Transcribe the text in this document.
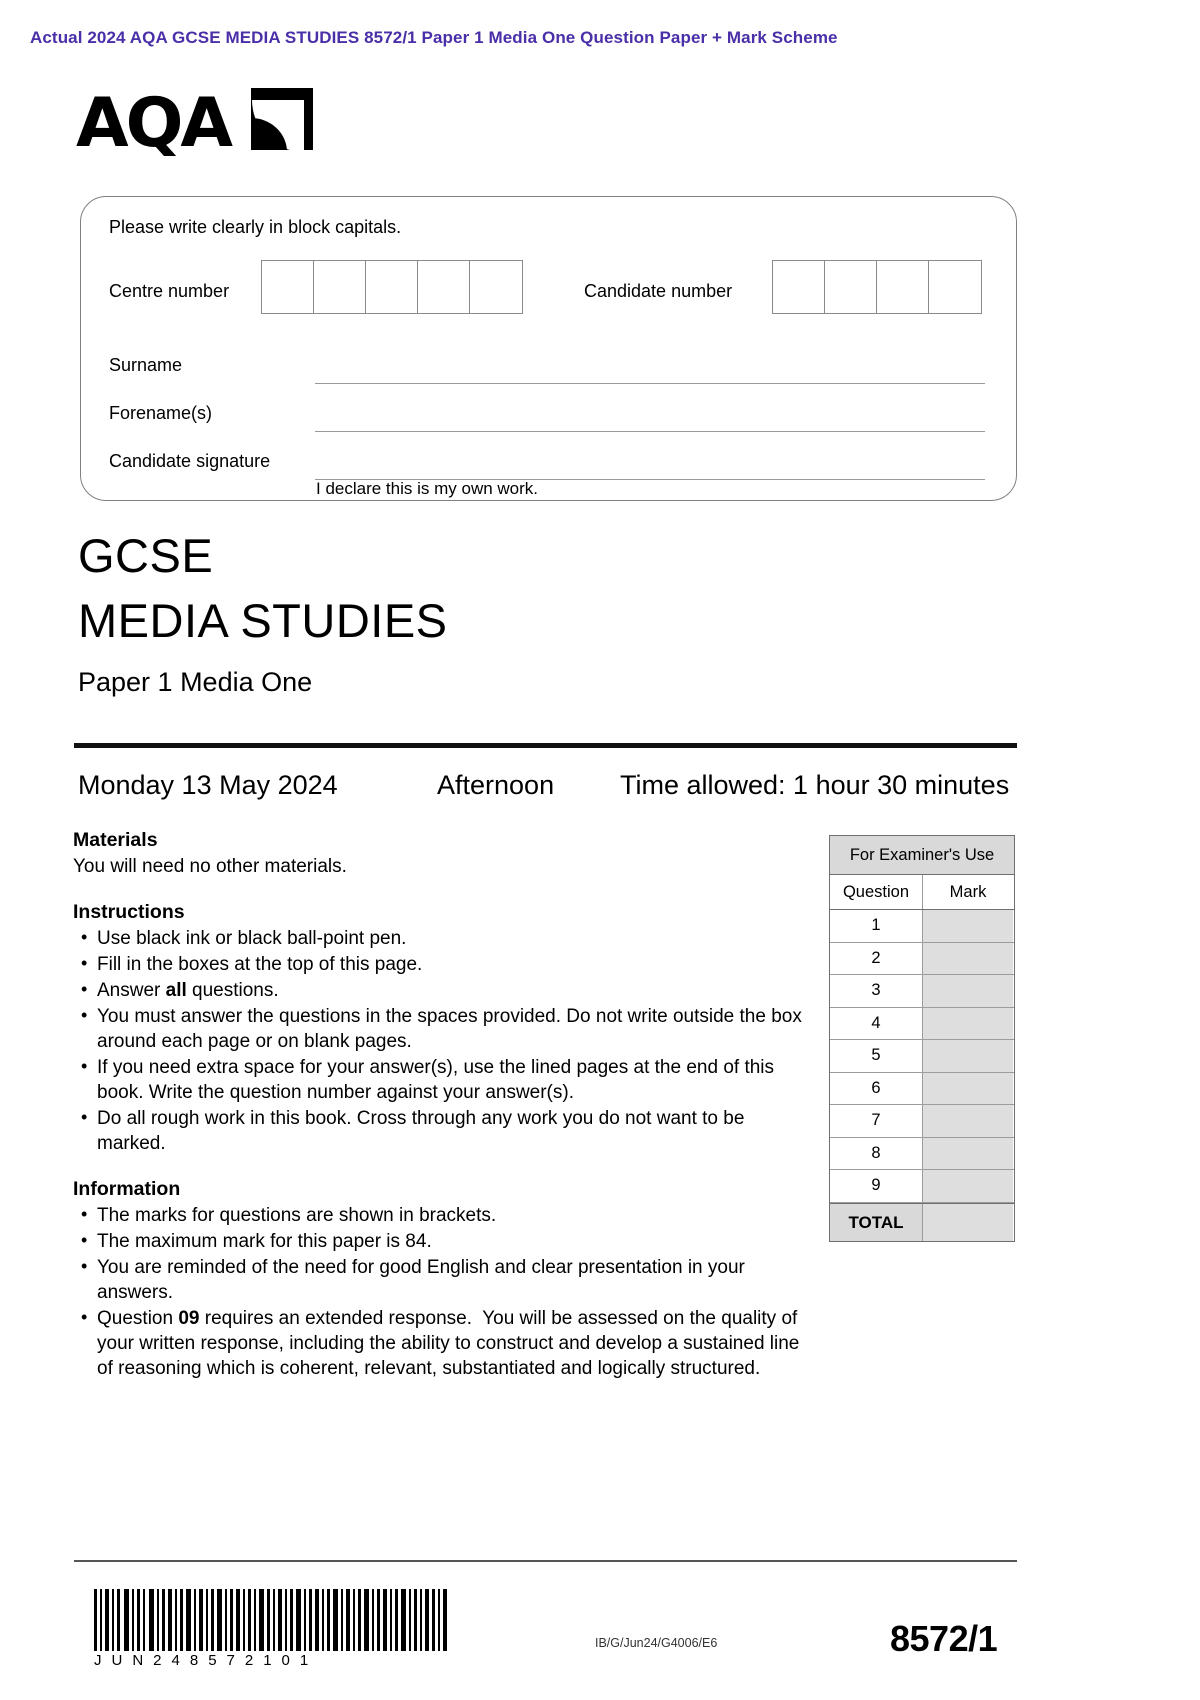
Actual 2024 AQA GCSE MEDIA STUDIES 8572/1 Paper 1 Media One Question Paper + Mark Scheme
AQA
Please write clearly in block capitals.
Centre number	Candidate number
Surname
Forename(s)
Candidate signature
I declare this is my own work.
GCSE
MEDIA STUDIES
Paper 1 Media One
Monday 13 May 2024	Afternoon Time allowed: 1 hour 30 minutes
Materials
You will need no other materials.
Instructions
• Use black ink or black ball-point pen.
• Fill in the boxes at the top of this page.
• Answer all questions.
• You must answer the questions in the spaces provided. Do not write outside the box around each page or on blank pages.
• If you need extra space for your answer(s), use the lined pages at the end of this book. Write the question number against your answer(s).
• Do all rough work in this book. Cross through any work you do not want to be marked.
Information
• The marks for questions are shown in brackets.
• The maximum mark for this paper is 84.
• You are reminded of the need for good English and clear presentation in your answers.
• Question 09 requires an extended response.  You will be assessed on the quality of your written response, including the ability to construct and develop a sustained line of reasoning which is coherent, relevant, substantiated and logically structured.
For Examiner's Use
Question	Mark
1
2
3
4
5
6
7
8
9
TOTAL
JUN248572101
IB/G/Jun24/G4006/E6	8572/1
